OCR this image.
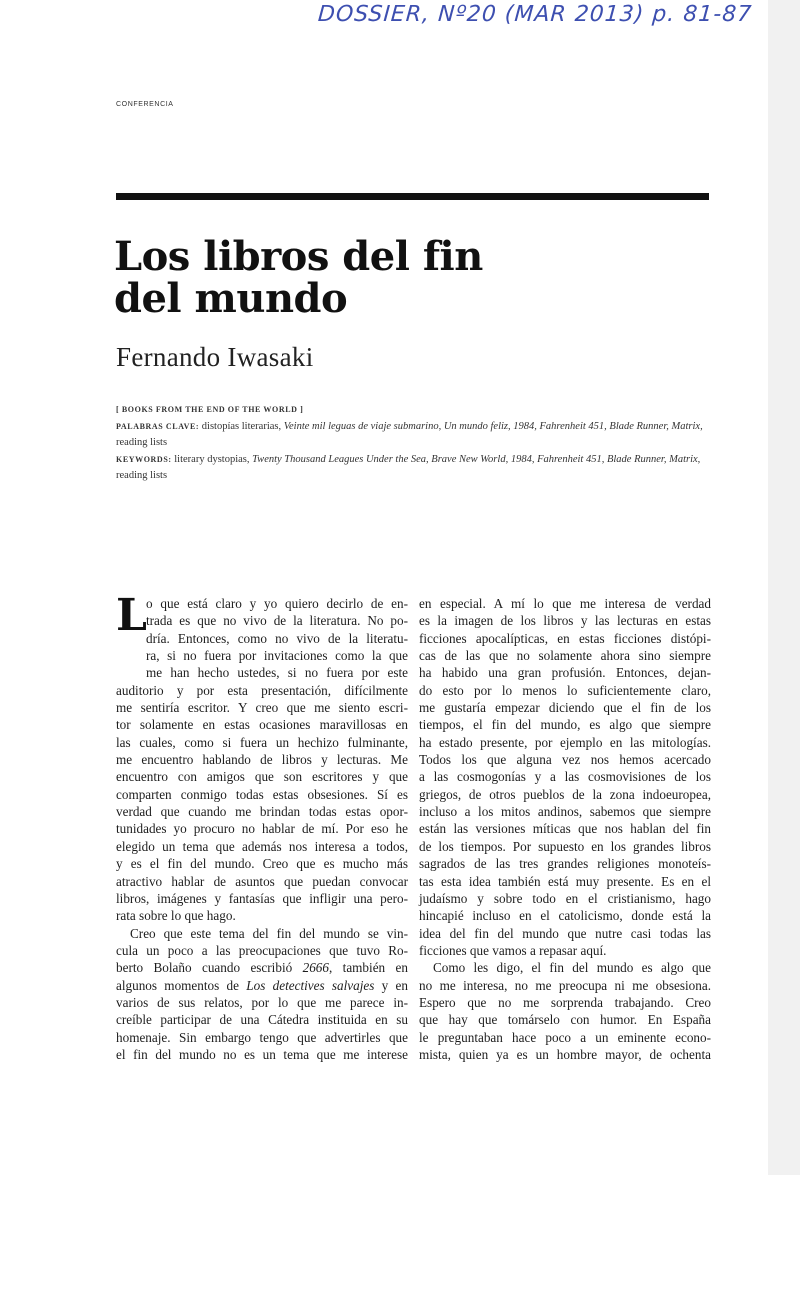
DOSSIER, Nº20 (MAR 2013) p. 81-87
CONFERENCIA
Los libros del fin
del mundo
Fernando Iwasaki
[ BOOKS FROM THE END OF THE WORLD ]
PALABRAS CLAVE: distopías literarias, Veinte mil leguas de viaje submarino, Un mundo feliz, 1984, Fahrenheit 451, Blade Runner, Matrix, reading lists
KEYWORDS: literary dystopias, Twenty Thousand Leagues Under the Sea, Brave New World, 1984, Fahrenheit 451, Blade Runner, Matrix, reading lists
L o que está claro y yo quiero decirlo de en-
trada es que no vivo de la literatura. No po-
dría. Entonces, como no vivo de la literatu-
ra, si no fuera por invitaciones como la que
me han hecho ustedes, si no fuera por este
auditorio y por esta presentación, difícilmente
me sentiría escritor. Y creo que me siento escri-
tor solamente en estas ocasiones maravillosas en
las cuales, como si fuera un hechizo fulminante,
me encuentro hablando de libros y lecturas. Me
encuentro con amigos que son escritores y que
comparten conmigo todas estas obsesiones. Sí es
verdad que cuando me brindan todas estas opor-
tunidades yo procuro no hablar de mí. Por eso he
elegido un tema que además nos interesa a todos,
y es el fin del mundo. Creo que es mucho más
atractivo hablar de asuntos que puedan convocar
libros, imágenes y fantasías que infligir una pero-
rata sobre lo que hago.
Creo que este tema del fin del mundo se vin-
cula un poco a las preocupaciones que tuvo Ro-
berto Bolaño cuando escribió 2666, también en
algunos momentos de Los detectives salvajes y en
varios de sus relatos, por lo que me parece in-
creíble participar de una Cátedra instituida en su
homenaje. Sin embargo tengo que advertirles que
el fin del mundo no es un tema que me interese
en especial. A mí lo que me interesa de verdad
es la imagen de los libros y las lecturas en estas
ficciones apocalípticas, en estas ficciones distópi-
cas de las que no solamente ahora sino siempre
ha habido una gran profusión. Entonces, dejan-
do esto por lo menos lo suficientemente claro,
me gustaría empezar diciendo que el fin de los
tiempos, el fin del mundo, es algo que siempre
ha estado presente, por ejemplo en las mitologías.
Todos los que alguna vez nos hemos acercado
a las cosmogonías y a las cosmovisiones de los
griegos, de otros pueblos de la zona indoeuropea,
incluso a los mitos andinos, sabemos que siempre
están las versiones míticas que nos hablan del fin
de los tiempos. Por supuesto en los grandes libros
sagrados de las tres grandes religiones monoteís-
tas esta idea también está muy presente. Es en el
judaísmo y sobre todo en el cristianismo, hago
hincapié incluso en el catolicismo, donde está la
idea del fin del mundo que nutre casi todas las
ficciones que vamos a repasar aquí.
Como les digo, el fin del mundo es algo que
no me interesa, no me preocupa ni me obsesiona.
Espero que no me sorprenda trabajando. Creo
que hay que tomárselo con humor. En España
le preguntaban hace poco a un eminente econo-
mista, quien ya es un hombre mayor, de ochenta
